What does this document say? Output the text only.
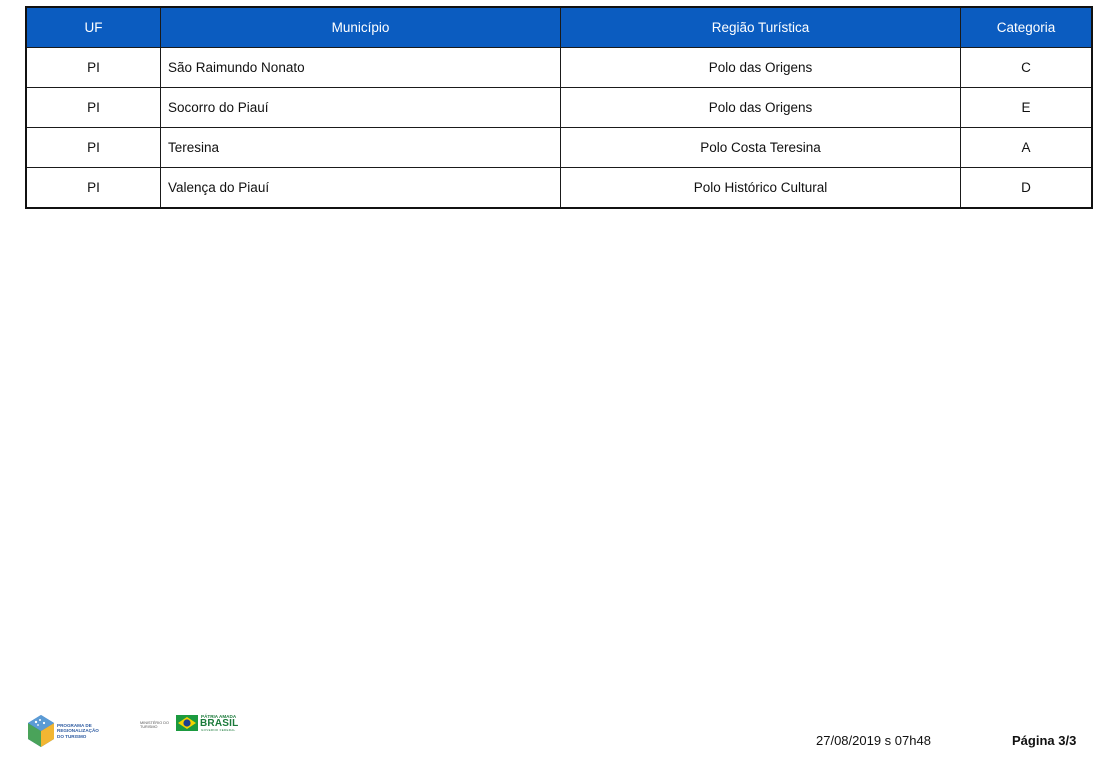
UF	Município	Região Turística	Categoria
PI	São Raimundo Nonato	Polo das Origens	C
PI	Socorro do Piauí	Polo das Origens	E
PI	Teresina	Polo Costa Teresina	A
PI	Valença do Piauí	Polo Histórico Cultural	D
PROGRAMA DE
REGIONALIZAÇÃO
DO TURISMO
MINISTÉRIO DO
TURISMO
PÁTRIA AMADA
BRASIL
GOVERNO FEDERAL
27/08/2019 s 07h48	Página 3/3
